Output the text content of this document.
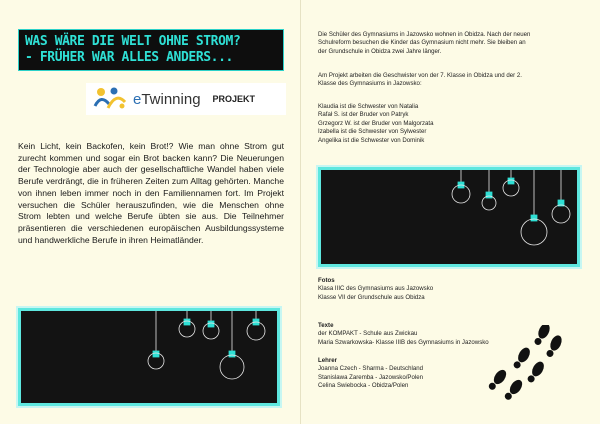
WAS WÄRE DIE WELT OHNE STROM?
- FRÜHER WAR ALLES ANDERS...
eTwinning PROJEKT
Kein Licht, kein Backofen, kein Brot!? Wie man ohne Strom gut zurecht kommen und sogar ein Brot backen kann? Die Neuerungen der Technologie aber auch der gesellschaftliche Wandel haben viele Berufe verdrängt, die in früheren Zeiten zum Alltag gehörten. Manche von ihnen leben immer noch in den Familiennamen fort. Im Projekt versuchen die Schüler herauszufinden, wie die Menschen ohne Strom lebten und welche Berufe übten sie aus. Die Teilnehmer präsentieren die verschiedenen europäischen Ausbildungssysteme und handwerkliche Berufe in ihren Heimatländer.
Die Schüler des Gymnasiums in Jazowsko wohnen in Obidza. Nach der neuen
Schulreform besuchen die Kinder das Gymnasium nicht mehr. Sie bleiben an
der Grundschule in Obidza zwei Jahre länger.
Am Projekt arbeiten die Geschwister von der 7. Klasse in Obidza und der 2.
Klasse des Gymnasiums in Jazowsko:
Klaudia ist die Schwester von Natalia
Rafał S. ist der Bruder von Patryk
Grzegorz W. ist der Bruder von Malgorzata
Izabella ist die Schwester von Sylwester
Angelika ist die Schwester von Dominik
Fotos
Klasa IIIC des Gymnasiums aus Jazowsko
Klasse VII der Grundschule aus Obidza
Texte
der KOMPAKT - Schule aus Zwickau
Maria Szwarkowska- Klasse IIIB des Gymnasiums in Jazowsko
Lehrer
Joanna Czech - Sharma - Deutschland
Stanislawa Zaremba - Jazowsko/Polen
Celina Swiebocka - Obidza/Polen
